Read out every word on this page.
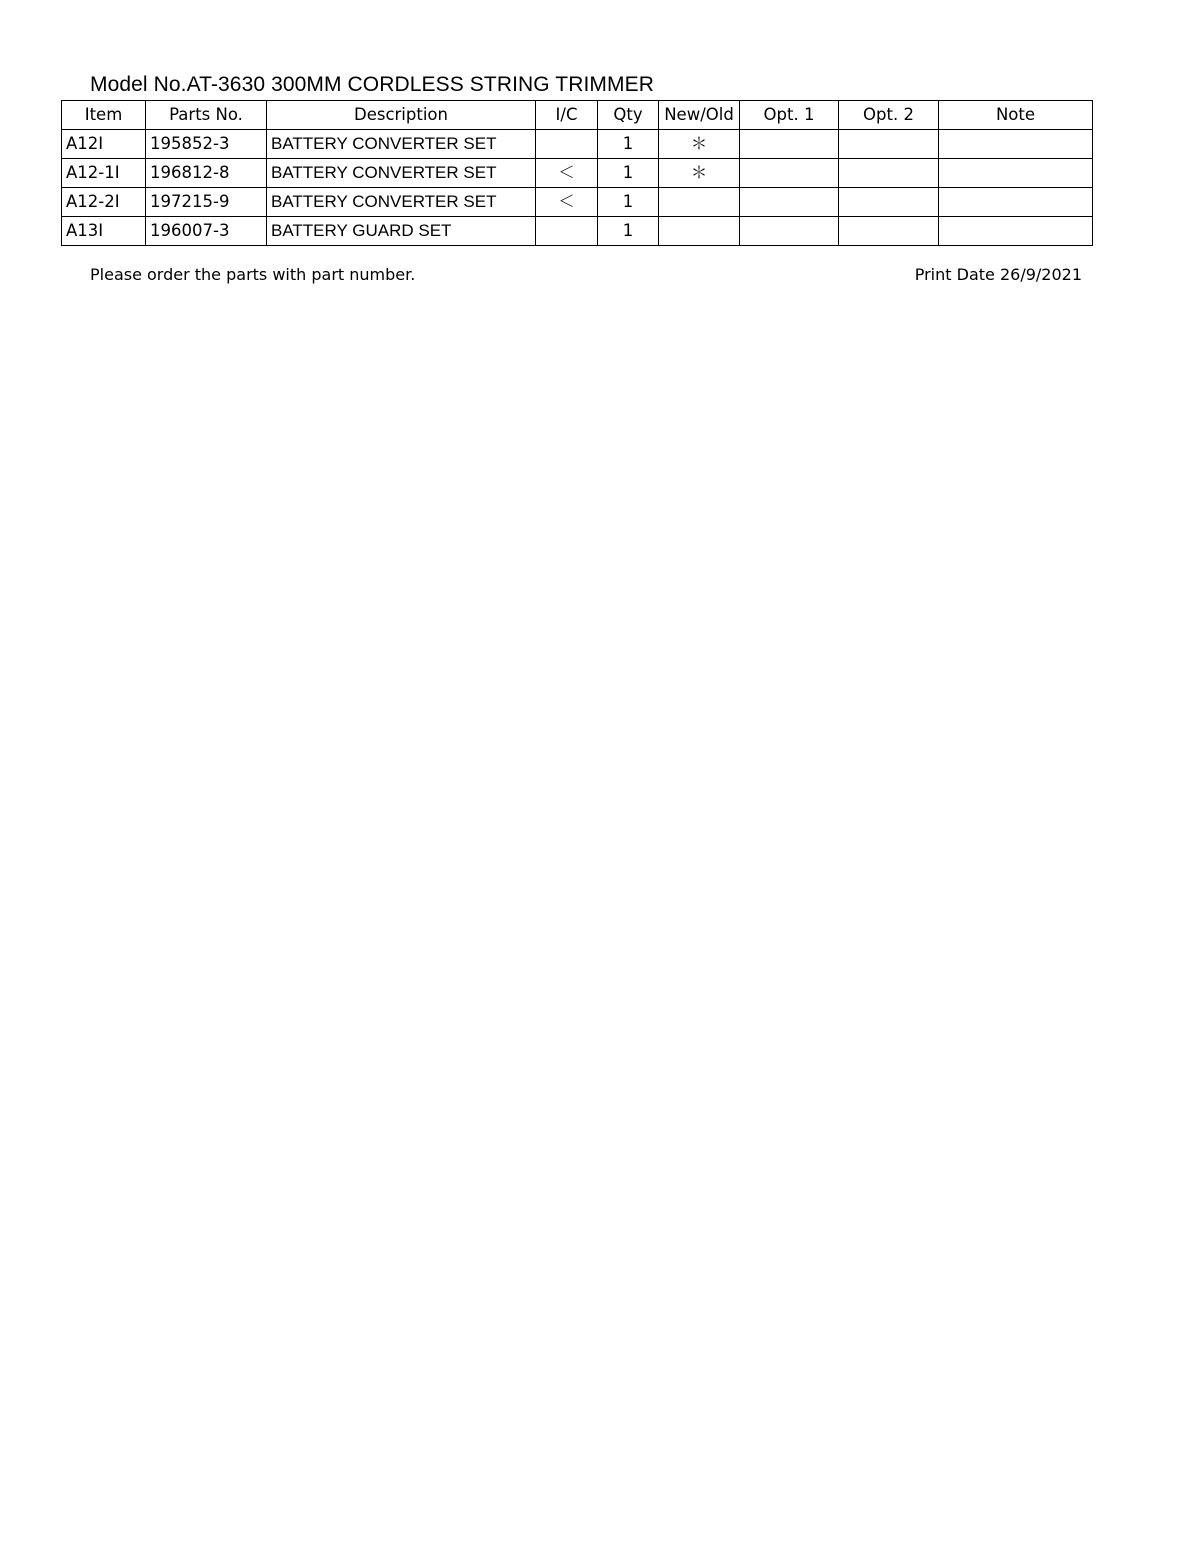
Model No.AT-3630 300MM CORDLESS STRING TRIMMER
Item	Parts No.	Description	I/C	Qty	New/Old	Opt. 1	Opt. 2	Note
A12I	195852-3	BATTERY CONVERTER SET		1	＊			
A12-1I	196812-8	BATTERY CONVERTER SET	＜	1	＊			
A12-2I	197215-9	BATTERY CONVERTER SET	＜	1				
A13I	196007-3	BATTERY GUARD SET		1				
Please order the parts with part number.	Print Date 26/9/2021
